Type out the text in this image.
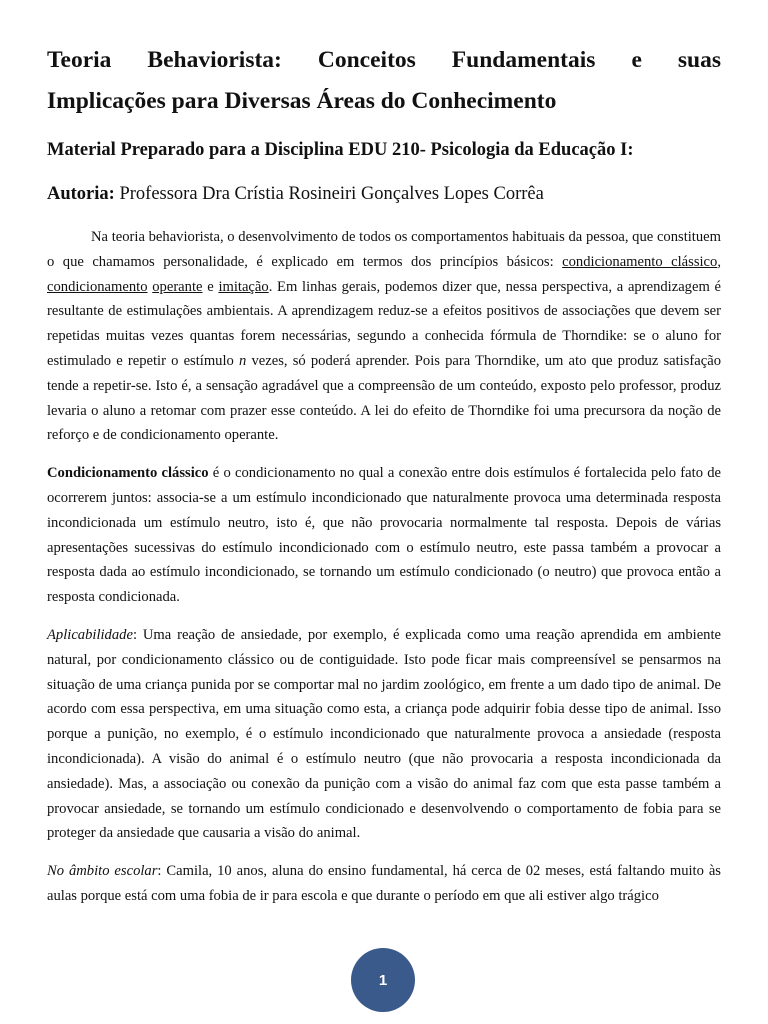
Teoria Behaviorista: Conceitos Fundamentais e suas
Implicações para Diversas Áreas do Conhecimento

Material Preparado para a Disciplina EDU 210- Psicologia da Educação I:

Autoria: Professora Dra Crístia Rosineiri Gonçalves Lopes Corrêa

Na teoria behaviorista, o desenvolvimento de todos os comportamentos habituais da pessoa, que constituem o que chamamos personalidade, é explicado em termos dos princípios básicos: condicionamento clássico, condicionamento operante e imitação. Em linhas gerais, podemos dizer que, nessa perspectiva, a aprendizagem é resultante de estimulações ambientais. A aprendizagem reduz-se a efeitos positivos de associações que devem ser repetidas muitas vezes quantas forem necessárias, segundo a conhecida fórmula de Thorndike: se o aluno for estimulado e repetir o estímulo n vezes, só poderá aprender. Pois para Thorndike, um ato que produz satisfação tende a repetir-se. Isto é, a sensação agradável que a compreensão de um conteúdo, exposto pelo professor, produz levaria o aluno a retomar com prazer esse conteúdo. A lei do efeito de Thorndike foi uma precursora da noção de reforço e de condicionamento operante.

Condicionamento clássico é o condicionamento no qual a conexão entre dois estímulos é fortalecida pelo fato de ocorrerem juntos: associa-se a um estímulo incondicionado que naturalmente provoca uma determinada resposta incondicionada um estímulo neutro, isto é, que não provocaria normalmente tal resposta. Depois de várias apresentações sucessivas do estímulo incondicionado com o estímulo neutro, este passa também a provocar a resposta dada ao estímulo incondicionado, se tornando um estímulo condicionado (o neutro) que provoca então a resposta condicionada.

Aplicabilidade: Uma reação de ansiedade, por exemplo, é explicada como uma reação aprendida em ambiente natural, por condicionamento clássico ou de contiguidade. Isto pode ficar mais compreensível se pensarmos na situação de uma criança punida por se comportar mal no jardim zoológico, em frente a um dado tipo de animal. De acordo com essa perspectiva, em uma situação como esta, a criança pode adquirir fobia desse tipo de animal. Isso porque a punição, no exemplo, é o estímulo incondicionado que naturalmente provoca a ansiedade (resposta incondicionada). A visão do animal é o estímulo neutro (que não provocaria a resposta incondicionada da ansiedade). Mas, a associação ou conexão da punição com a visão do animal faz com que esta passe também a provocar ansiedade, se tornando um estímulo condicionado e desenvolvendo o comportamento de fobia para se proteger da ansiedade que causaria a visão do animal.

No âmbito escolar: Camila, 10 anos, aluna do ensino fundamental, há cerca de 02 meses, está faltando muito às aulas porque está com uma fobia de ir para escola e que durante o período em que ali estiver algo trágico

1
